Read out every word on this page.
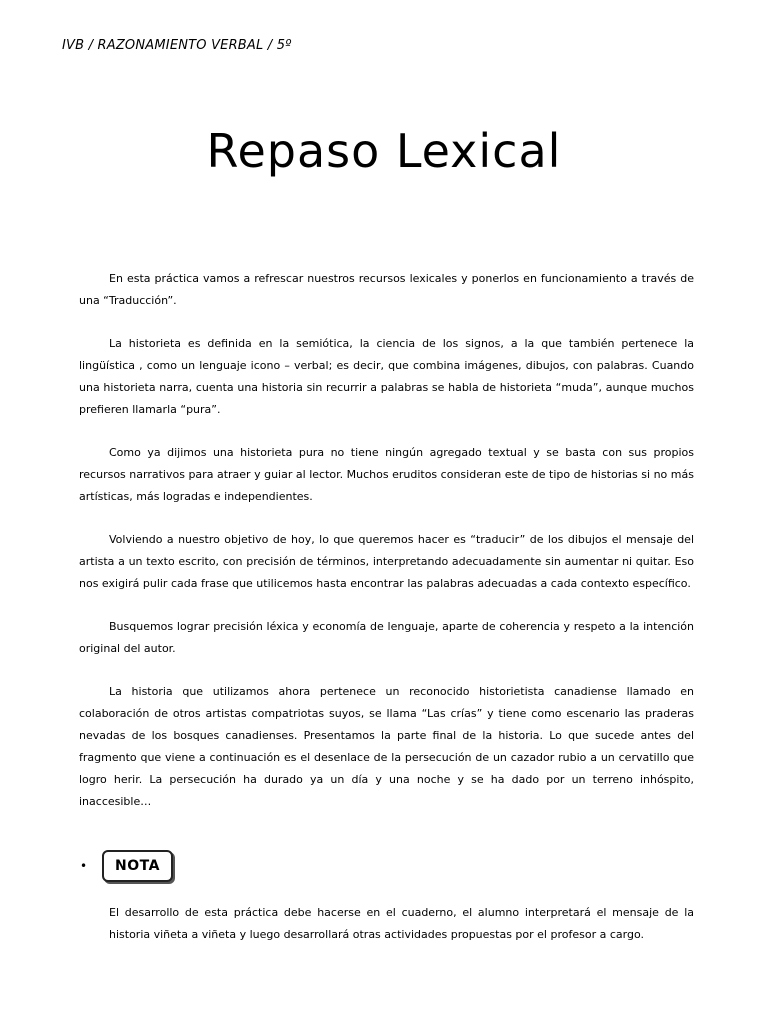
IVB / RAZONAMIENTO VERBAL / 5º
Repaso Lexical

En esta práctica vamos a refrescar nuestros recursos lexicales y ponerlos en funcionamiento a través de una “Traducción”.

La historieta es definida en la semiótica, la ciencia de los signos, a la que también pertenece la lingüística , como un lenguaje icono – verbal; es decir, que combina imágenes, dibujos, con palabras. Cuando una historieta narra, cuenta una historia sin recurrir a palabras se habla de historieta “muda”, aunque muchos prefieren llamarla “pura”.

Como ya dijimos una historieta pura no tiene ningún agregado textual y se basta con sus propios recursos narrativos para atraer y guiar al lector. Muchos eruditos consideran este de tipo de historias si no más artísticas, más logradas e independientes.

Volviendo a nuestro objetivo de hoy, lo que queremos hacer es “traducir” de los dibujos el mensaje del artista a un texto escrito, con precisión de términos, interpretando adecuadamente sin aumentar ni quitar. Eso nos exigirá pulir cada frase que utilicemos hasta encontrar las palabras adecuadas a cada contexto específico.

Busquemos lograr precisión léxica y economía de lenguaje, aparte de coherencia y respeto a la intención original del autor.

La historia que utilizamos ahora pertenece un reconocido historietista canadiense llamado en colaboración de otros artistas compatriotas suyos, se llama “Las crías” y tiene como escenario las praderas nevadas de los bosques canadienses. Presentamos la parte final de la historia. Lo que sucede antes del fragmento que viene a continuación es el desenlace de la persecución de un cazador rubio a un cervatillo que logro herir. La persecución ha durado ya un día y una noche y se ha dado por un terreno inhóspito, inaccesible…

•	NOTA

El desarrollo de esta práctica debe hacerse en el cuaderno, el alumno interpretará el mensaje de la historia viñeta a viñeta y luego desarrollará otras actividades propuestas por el profesor a cargo.
